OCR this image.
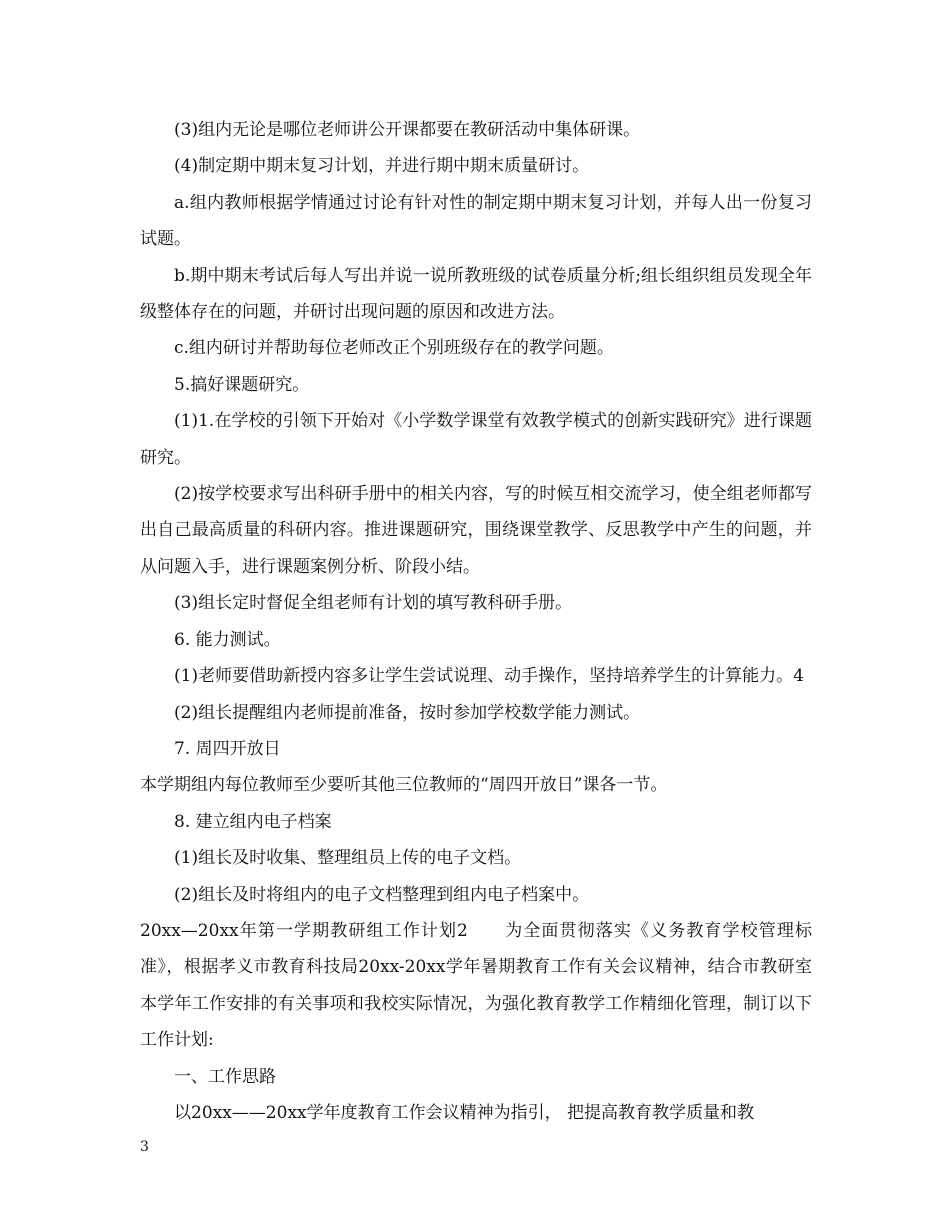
(3)组内无论是哪位老师讲公开课都要在教研活动中集体研课。

(4)制定期中期末复习计划，并进行期中期末质量研讨。

a.组内教师根据学情通过讨论有针对性的制定期中期末复习计划，并每人出一份复习试题。

b.期中期末考试后每人写出并说一说所教班级的试卷质量分析;组长组织组员发现全年级整体存在的问题，并研讨出现问题的原因和改进方法。

c.组内研讨并帮助每位老师改正个别班级存在的教学问题。

5.搞好课题研究。

(1)1.在学校的引领下开始对《小学数学课堂有效教学模式的创新实践研究》进行课题研究。

(2)按学校要求写出科研手册中的相关内容，写的时候互相交流学习，使全组老师都写出自己最高质量的科研内容。推进课题研究，围绕课堂教学、反思教学中产生的问题，并从问题入手，进行课题案例分析、阶段小结。

(3)组长定时督促全组老师有计划的填写教科研手册。

6. 能力测试。

(1)老师要借助新授内容多让学生尝试说理、动手操作，坚持培养学生的计算能力。4

(2)组长提醒组内老师提前准备，按时参加学校数学能力测试。

7. 周四开放日

本学期组内每位教师至少要听其他三位教师的“周四开放日”课各一节。

8. 建立组内电子档案

(1)组长及时收集、整理组员上传的电子文档。

(2)组长及时将组内的电子文档整理到组内电子档案中。

20xx—20xx年第一学期教研组工作计划2　　为全面贯彻落实《义务教育学校管理标准》，根据孝义市教育科技局20xx-20xx学年暑期教育工作有关会议精神，结合市教研室本学年工作安排的有关事项和我校实际情况，为强化教育教学工作精细化管理，制订以下工作计划:

一、工作思路

以20xx——20xx学年度教育工作会议精神为指引， 把提高教育教学质量和教

3
